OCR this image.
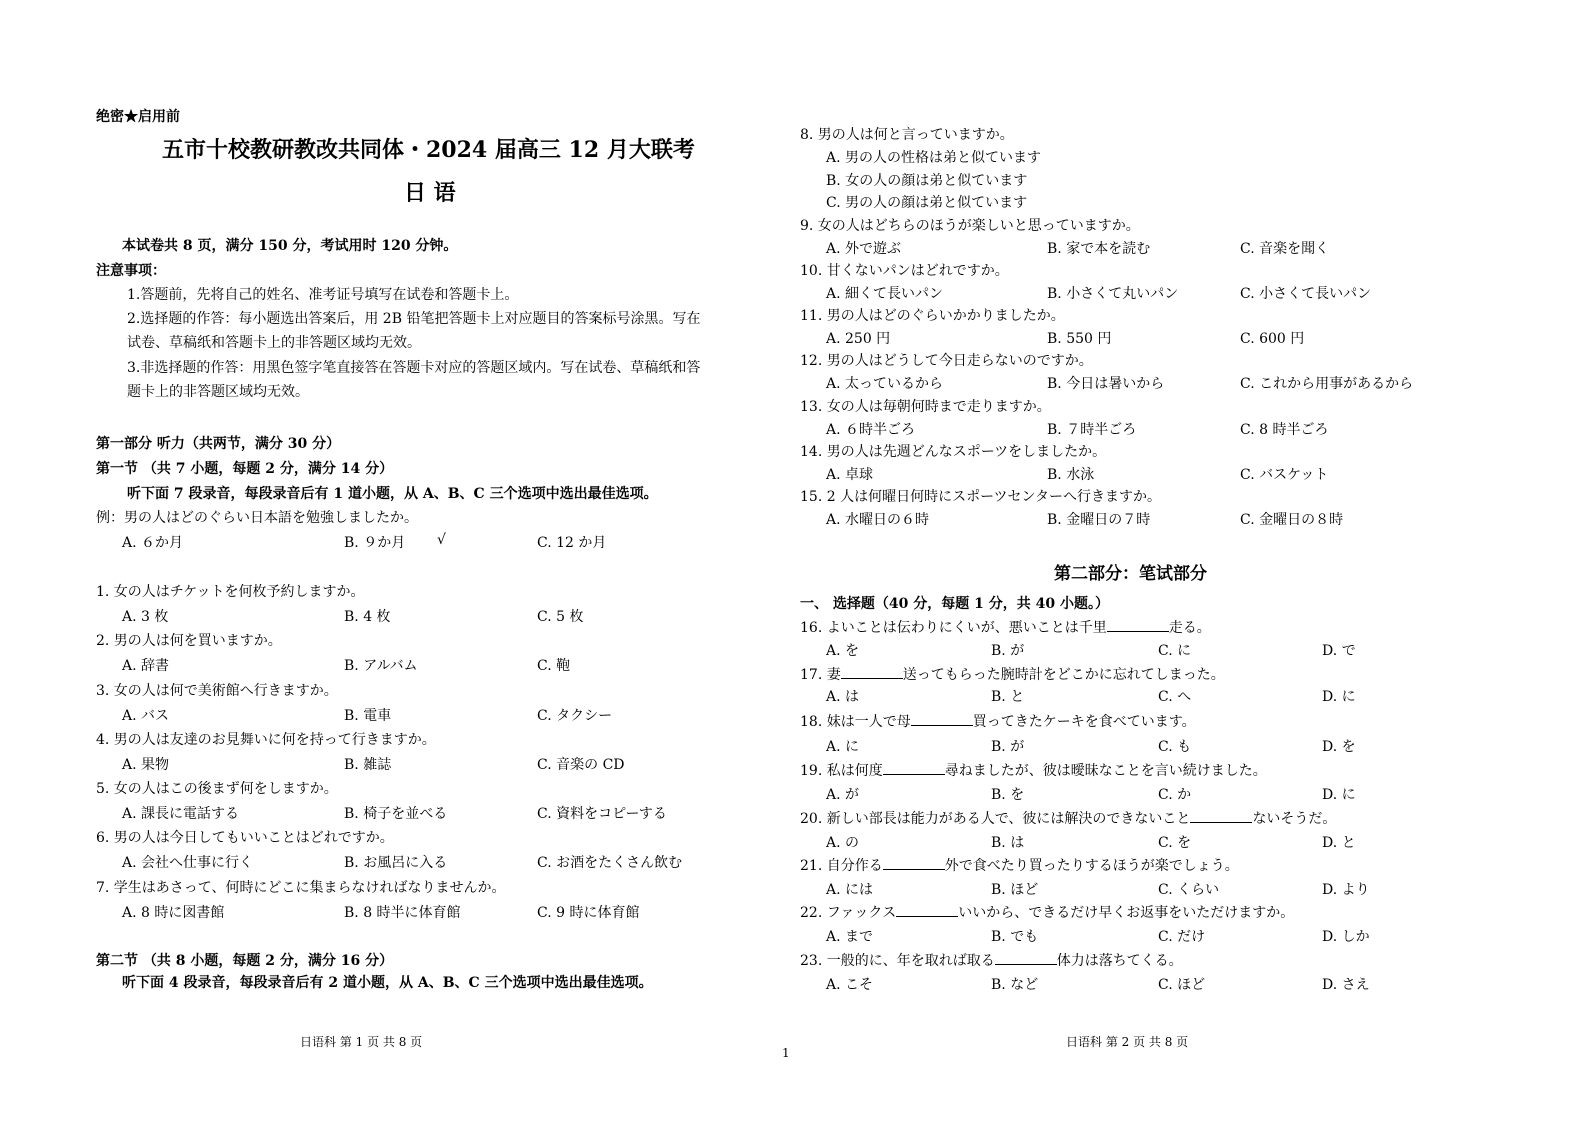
绝密★启用前
五市十校教研教改共同体・2024 届高三 12 月大联考
日 语
本试卷共 8 页，满分 150 分，考试用时 120 分钟。
注意事项：
1.答题前，先将自己的姓名、准考证号填写在试卷和答题卡上。
2.选择题的作答：每小题选出答案后，用 2B 铅笔把答题卡上对应题目的答案标号涂黑。写在
试卷、草稿纸和答题卡上的非答题区域均无效。
3.非选择题的作答：用黑色签字笔直接答在答题卡对应的答题区域内。写在试卷、草稿纸和答
题卡上的非答题区域均无效。
第一部分 听力（共两节，满分 30 分）
第一节 （共 7 小题，每题 2 分，满分 14 分）
听下面 7 段录音，每段录音后有 1 道小题，从 A、B、C 三个选项中选出最佳选项。
例：男の人はどのぐらい日本語を勉強しましたか。
A. ６か月	B. ９か月 √	C. 12 か月
1. 女の人はチケットを何枚予約しますか。
A. 3 枚	B. 4 枚	C. 5 枚
2. 男の人は何を買いますか。
A. 辞書	B. アルバム	C. 鞄
3. 女の人は何で美術館へ行きますか。
A. バス	B. 電車	C. タクシー
4. 男の人は友達のお見舞いに何を持って行きますか。
A. 果物	B. 雑誌	C. 音楽の CD
5. 女の人はこの後まず何をしますか。
A. 課長に電話する	B. 椅子を並べる	C. 資料をコピーする
6. 男の人は今日してもいいことはどれですか。
A. 会社へ仕事に行く	B. お風呂に入る	C. お酒をたくさん飲む
7. 学生はあさって、何時にどこに集まらなければなりませんか。
A. 8 時に図書館	B. 8 時半に体育館	C. 9 時に体育館
第二节 （共 8 小题，每题 2 分，满分 16 分）
听下面 4 段录音，每段录音后有 2 道小题，从 A、B、C 三个选项中选出最佳选项。
日语科 第 1 页 共 8 页
8. 男の人は何と言っていますか。
A. 男の人の性格は弟と似ています
B. 女の人の顔は弟と似ています
C. 男の人の顔は弟と似ています
9. 女の人はどちらのほうが楽しいと思っていますか。
A. 外で遊ぶ	B. 家で本を読む	C. 音楽を聞く
10. 甘くないパンはどれですか。
A. 細くて長いパン	B. 小さくて丸いパン	C. 小さくて長いパン
11. 男の人はどのぐらいかかりましたか。
A. 250 円	B. 550 円	C. 600 円
12. 男の人はどうして今日走らないのですか。
A. 太っているから	B. 今日は暑いから	C. これから用事があるから
13. 女の人は毎朝何時まで走りますか。
A. ６時半ごろ	B. ７時半ごろ	C. 8 時半ごろ
14. 男の人は先週どんなスポーツをしましたか。
A. 卓球	B. 水泳	C. バスケット
15. 2 人は何曜日何時にスポーツセンターへ行きますか。
A. 水曜日の６時	B. 金曜日の７時	C. 金曜日の８時
第二部分：笔试部分
一、 选择题（40 分，每题 1 分，共 40 小题。）
16. よいことは伝わりにくいが、悪いことは千里	走る。
A. を	B. が	C. に	D. で
17. 妻	送ってもらった腕時計をどこかに忘れてしまった。
A. は	B. と	C. へ	D. に
18. 妹は一人で母	買ってきたケーキを食べています。
A. に	B. が	C. も	D. を
19. 私は何度	尋ねましたが、彼は曖昧なことを言い続けました。
A. が	B. を	C. か	D. に
20. 新しい部長は能力がある人で、彼には解決のできないこと	ないそうだ。
A. の	B. は	C. を	D. と
21. 自分作る	外で食べたり買ったりするほうが楽でしょう。
A. には	B. ほど	C. くらい	D. より
22. ファックス	いいから、できるだけ早くお返事をいただけますか。
A. まで	B. でも	C. だけ	D. しか
23. 一般的に、年を取れば取る	体力は落ちてくる。
A. こそ	B. など	C. ほど	D. さえ
日语科 第 2 页 共 8 页
1
